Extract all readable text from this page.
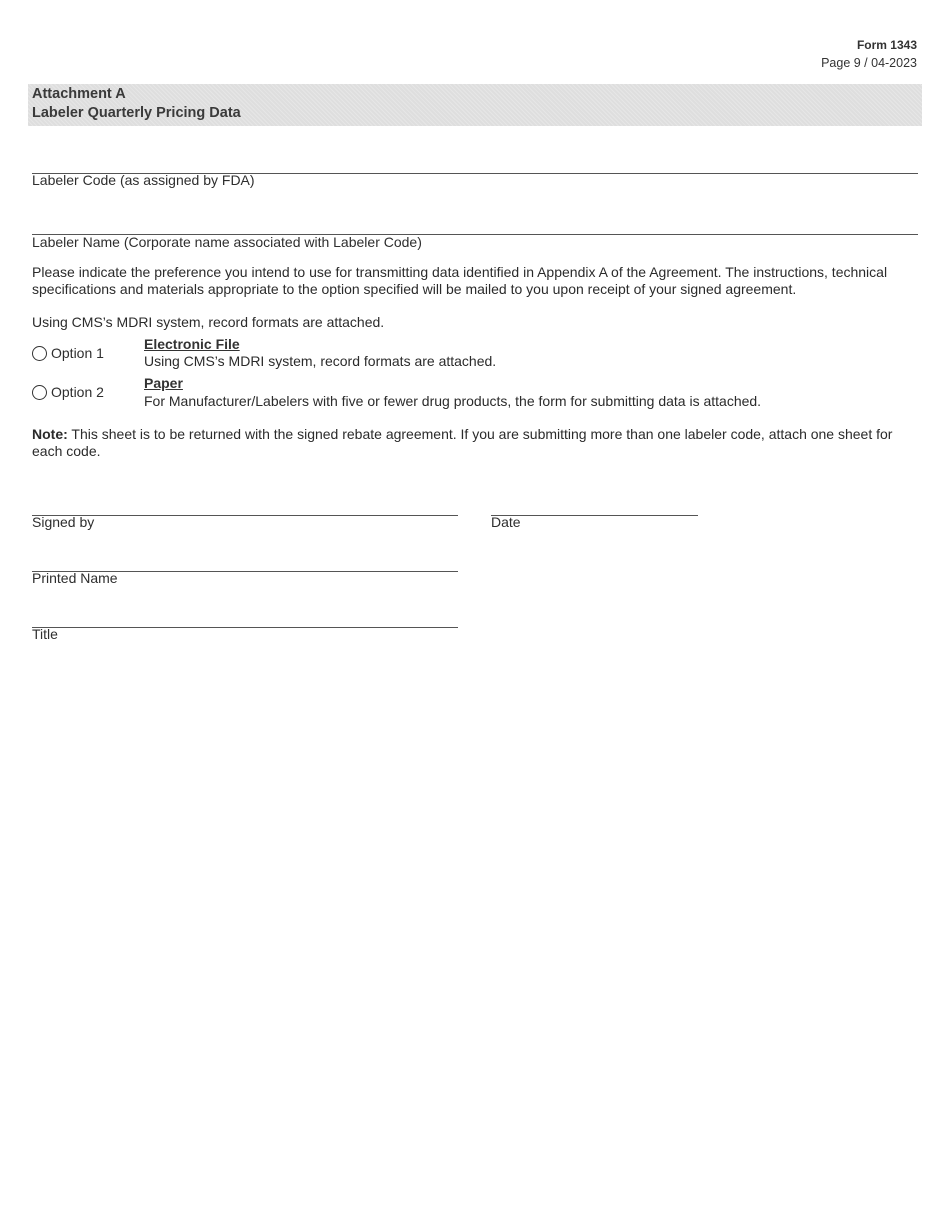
Form 1343
Page 9 / 04-2023
Attachment A
Labeler Quarterly Pricing Data
Labeler Code (as assigned by FDA)
Labeler Name (Corporate name associated with Labeler Code)
Please indicate the preference you intend to use for transmitting data identified in Appendix A of the Agreement. The instructions, technical specifications and materials appropriate to the option specified will be mailed to you upon receipt of your signed agreement.
Using CMS’s MDRI system, record formats are attached.
Option 1
Electronic File
Using CMS’s MDRI system, record formats are attached.
Option 2
Paper
For Manufacturer/Labelers with five or fewer drug products, the form for submitting data is attached.
Note: This sheet is to be returned with the signed rebate agreement. If you are submitting more than one labeler code, attach one sheet for each code.
Signed by	Date
Printed Name
Title
